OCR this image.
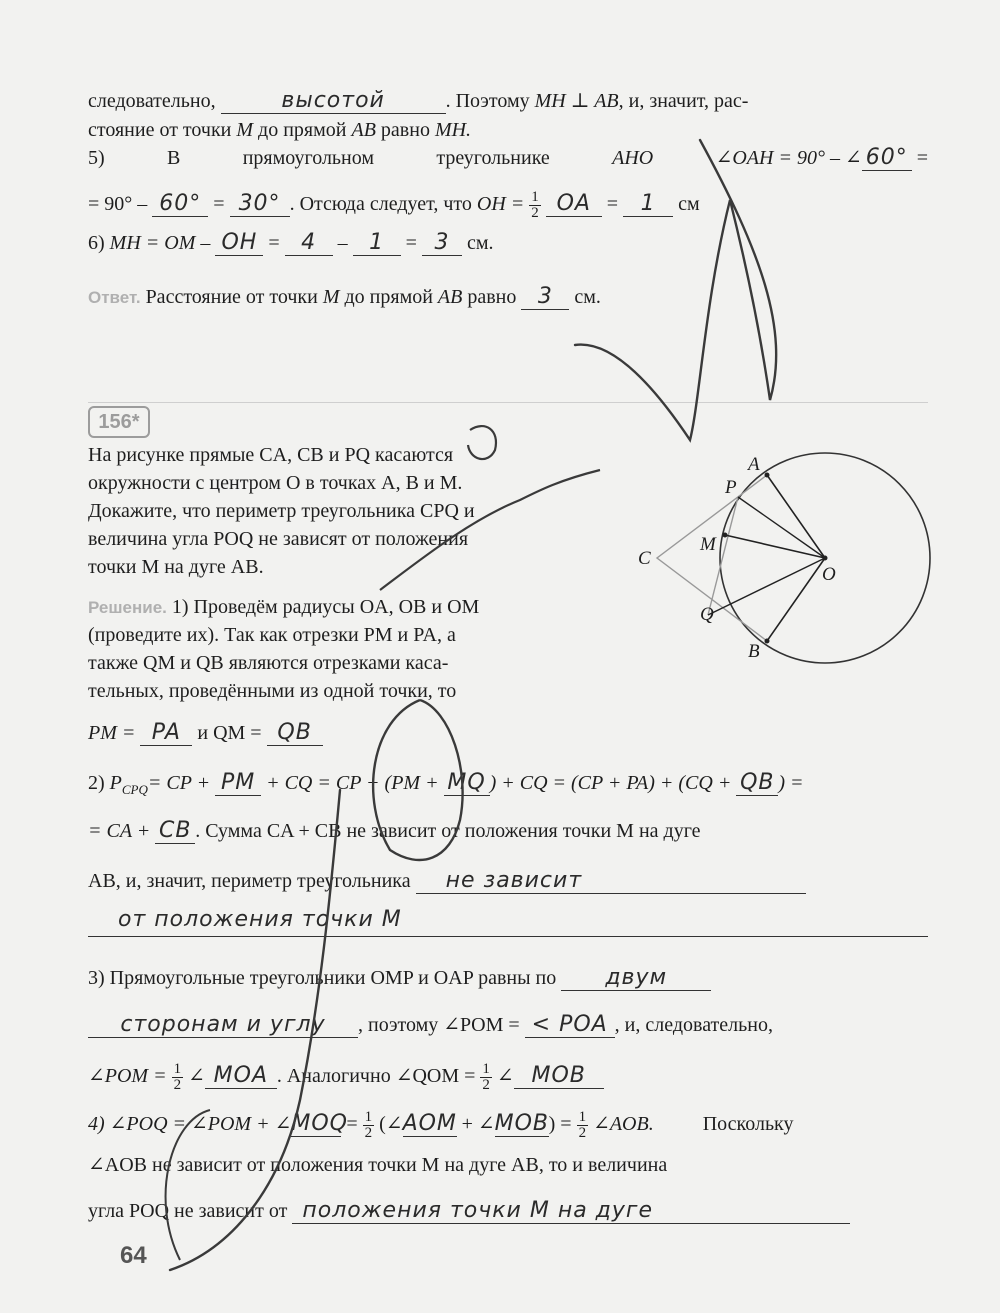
следовательно,	высотой	. Поэтому MH ⊥ AB, и, значит, рас-
стояние от точки M до прямой AB равно MH.
5)	В	прямоугольном	треугольнике	AHO	∠OAH = 90° – ∠ 60° =
= 90° – 60° = 30° . Отсюда следует, что OH = $\frac{1}{2}$ OA = 1 см
6) MH = OM – OH = 4 – 1 = 3 см.
Ответ. Расстояние от точки M до прямой AB равно 3 см.
156*
На рисунке прямые CA, CB и PQ касаются
окружности с центром O в точках A, B и M.
Докажите, что периметр треугольника CPQ и
величина угла POQ не зависят от положения
точки M на дуге AB.
Решение. 1) Проведём радиусы OA, OB и OM
(проведите их). Так как отрезки PM и PA, а
также QM и QB являются отрезками каса-
тельных, проведёнными из одной точки, то
PM = PA и QM = QB
A
P
M
C
O
Q
B
2) $P_{CPQ}=$ CP + PM + CQ = CP + (PM + MQ ) + CQ = (CP + PA) + (CQ + QB ) =
= CA + CB . Сумма CA + CB не зависит от положения точки M на дуге
AB, и, значит, периметр треугольника не зависит
от положения точки M
3) Прямоугольные треугольники OMP и OAP равны по двум
сторонам и углу , поэтому ∠POM = < POA , и, следовательно,
∠POM = $\frac{1}{2}$ ∠ MOA . Аналогично ∠QOM = $\frac{1}{2}$ ∠ MOB
4) ∠POQ = ∠POM + ∠MOQ = $\frac{1}{2}$ (∠AOM + ∠MOB) = $\frac{1}{2}$ ∠AOB. Поскольку
∠AOB не зависит от положения точки M на дуге AB, то и величина
угла POQ не зависит от положения точки M на дуге
64
